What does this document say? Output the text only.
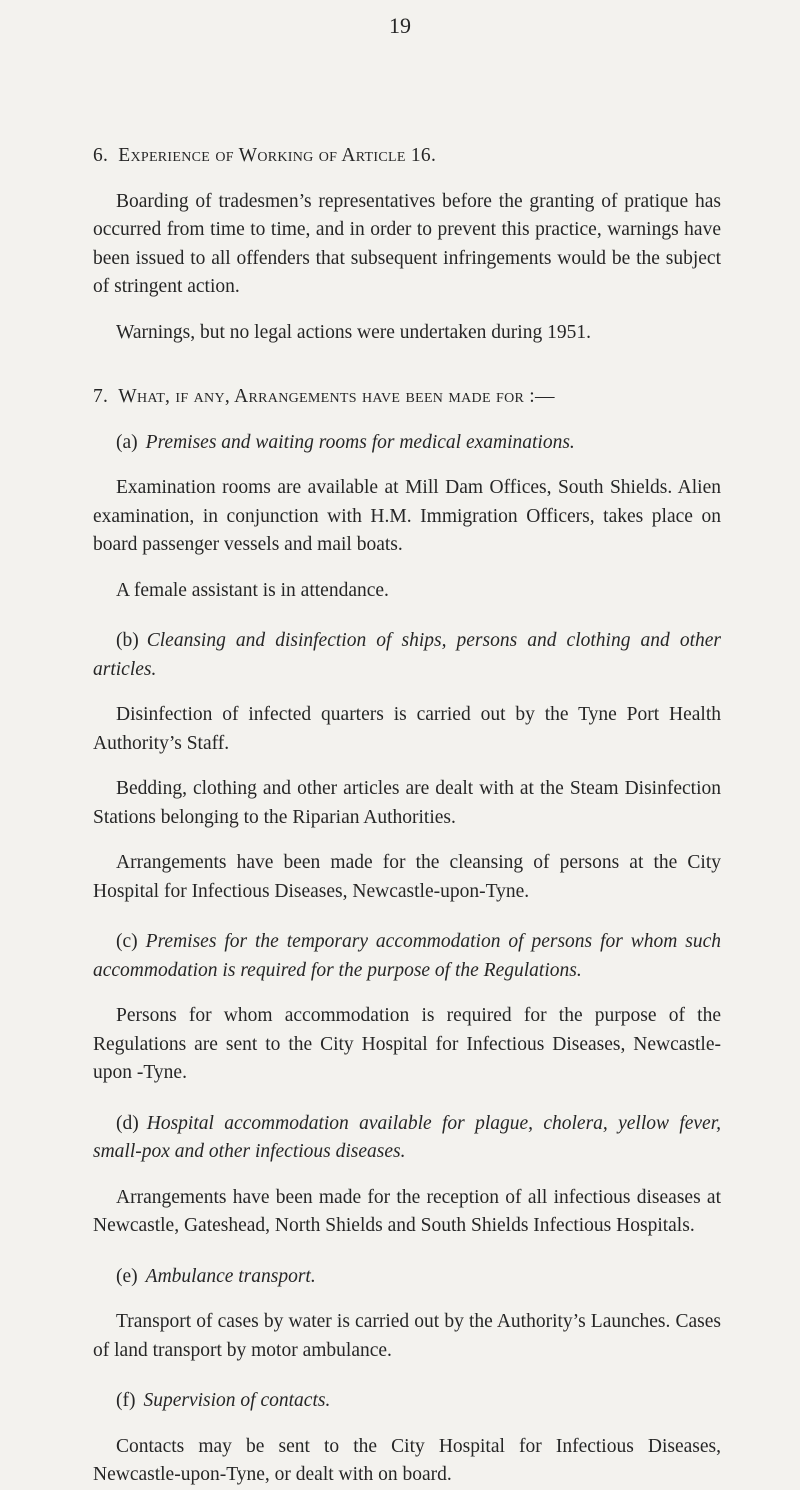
19

6. Experience of Working of Article 16.

Boarding of tradesmen’s representatives before the granting of pratique has occurred from time to time, and in order to prevent this practice, warnings have been issued to all offenders that subsequent infringements would be the subject of stringent action.

Warnings, but no legal actions were undertaken during 1951.

7. What, if any, Arrangements have been made for :—

(a) Premises and waiting rooms for medical examinations.

Examination rooms are available at Mill Dam Offices, South Shields. Alien examination, in conjunction with H.M. Immigration Officers, takes place on board passenger vessels and mail boats.

A female assistant is in attendance.

(b) Cleansing and disinfection of ships, persons and clothing and other articles.

Disinfection of infected quarters is carried out by the Tyne Port Health Authority’s Staff.

Bedding, clothing and other articles are dealt with at the Steam Disinfection Stations belonging to the Riparian Authorities.

Arrangements have been made for the cleansing of persons at the City Hospital for Infectious Diseases, Newcastle-upon-Tyne.

(c) Premises for the temporary accommodation of persons for whom such accommodation is required for the purpose of the Regulations.

Persons for whom accommodation is required for the purpose of the Regulations are sent to the City Hospital for Infectious Diseases, Newcastle-upon -Tyne.

(d) Hospital accommodation available for plague, cholera, yellow fever, small-pox and other infectious diseases.

Arrangements have been made for the reception of all infectious diseases at Newcastle, Gateshead, North Shields and South Shields Infectious Hospitals.

(e) Ambulance transport.

Transport of cases by water is carried out by the Authority’s Launches. Cases of land transport by motor ambulance.

(f) Supervision of contacts.

Contacts may be sent to the City Hospital for Infectious Diseases, Newcastle-upon-Tyne, or dealt with on board.
